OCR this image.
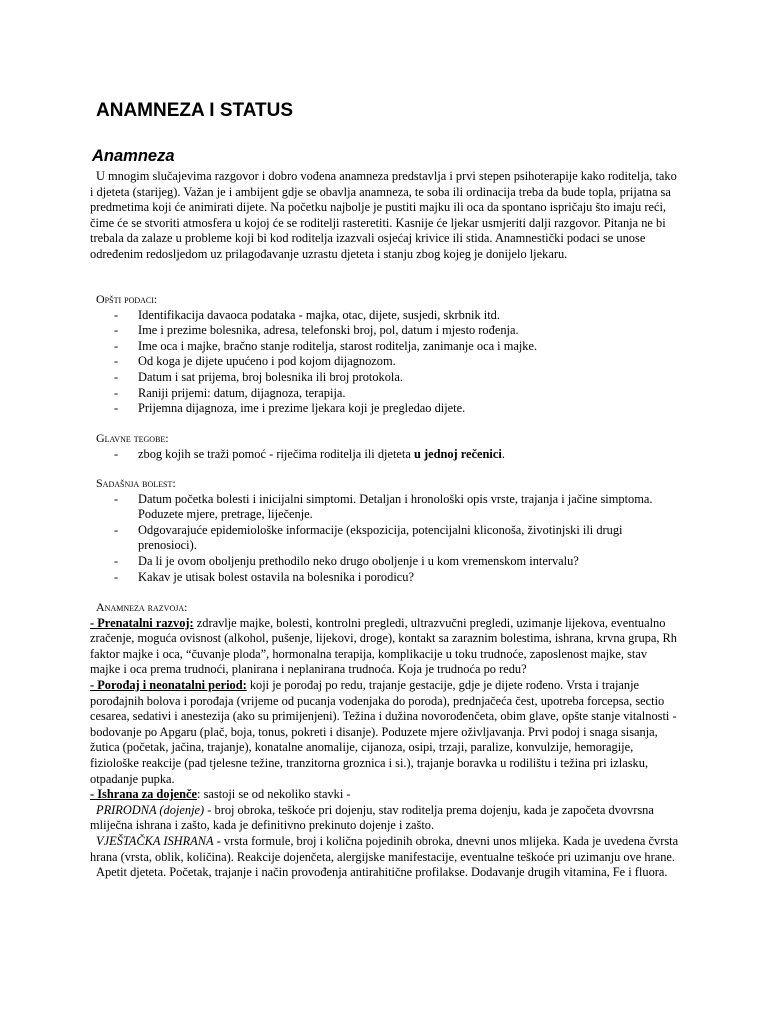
ANAMNEZA I STATUS
Anamneza

U mnogim slučajevima razgovor i dobro vođena anamneza predstavlja i prvi stepen psihoterapije kako roditelja, tako i djeteta (starijeg). Važan je i ambijent gdje se obavlja anamneza, te soba ili ordinacija treba da bude topla, prijatna sa predmetima koji će animirati dijete. Na početku najbolje je pustiti majku ili oca da spontano ispričaju što imaju reći, čime će se stvoriti atmosfera u kojoj će se roditelji rasteretiti. Kasnije će ljekar usmjeriti dalji razgovor. Pitanja ne bi trebala da zalaze u probleme koji bi kod roditelja izazvali osjećaj krivice ili stida. Anamnestički podaci se unose određenim redosljedom uz prilagođavanje uzrastu djeteta i stanju zbog kojeg je donijelo ljekaru.

Opšti podaci:

- Identifikacija davaoca podataka - majka, otac, dijete, susjedi, skrbnik itd.
- Ime i prezime bolesnika, adresa, telefonski broj, pol, datum i mjesto rođenja.
- Ime oca i majke, bračno stanje roditelja, starost roditelja, zanimanje oca i majke.
- Od koga je dijete upućeno i pod kojom dijagnozom.
- Datum i sat prijema, broj bolesnika ili broj protokola.
- Raniji prijemi: datum, dijagnoza, terapija.
- Prijemna dijagnoza, ime i prezime ljekara koji je pregledao dijete.

Glavne tegobe:

- zbog kojih se traži pomoć - riječima roditelja ili djeteta u jednoj rečenici.

Sadašnja bolest:

- Datum početka bolesti i inicijalni simptomi. Detaljan i hronološki opis vrste, trajanja i jačine simptoma. Poduzete mjere, pretrage, liječenje.
- Odgovarajuće epidemiološke informacije (ekspozicija, potencijalni kliconoša, životinjski ili drugi prenosioci).
- Da li je ovom oboljenju prethodilo neko drugo oboljenje i u kom vremenskom intervalu?
- Kakav je utisak bolest ostavila na bolesnika i porodicu?

Anamneza razvoja:

- Prenatalni razvoj: zdravlje majke, bolesti, kontrolni pregledi, ultrazvučni pregledi, uzimanje lijekova, eventualno zračenje, moguća ovisnost (alkohol, pušenje, lijekovi, droge), kontakt sa zaraznim bolestima, ishrana, krvna grupa, Rh faktor majke i oca, “čuvanje ploda”, hormonalna terapija, komplikacije u toku trudnoće, zaposlenost majke, stav majke i oca prema trudnoći, planirana i neplanirana trudnoća. Koja je trudnoća po redu?

- Porođaj i neonatalni period: koji je porođaj po redu, trajanje gestacije, gdje je dijete rođeno. Vrsta i trajanje porođajnih bolova i porođaja (vrijeme od pucanja vodenjaka do poroda), prednjačeća čest, upotreba forcepsa, sectio cesarea, sedativi i anestezija (ako su primijenjeni). Težina i dužina novorođenčeta, obim glave, opšte stanje vitalnosti - bodovanje po Apgaru (plač, boja, tonus, pokreti i disanje). Poduzete mjere oživljavanja. Prvi podoj i snaga sisanja, žutica (početak, jačina, trajanje), konatalne anomalije, cijanoza, osipi, trzaji, paralize, konvulzije, hemoragije, fiziološke reakcije (pad tjelesne težine, tranzitorna groznica i si.), trajanje boravka u rodilištu i težina pri izlasku, otpadanje pupka.

- Ishrana za dojenče: sastoji se od nekoliko stavki -

PRIRODNA (dojenje) - broj obroka, teškoće pri dojenju, stav roditelja prema dojenju, kada je započeta dvovrsna mliječna ishrana i zašto, kada je definitivno prekinuto dojenje i zašto.

VJEŠTAČKA ISHRANA - vrsta formule, broj i količna pojedinih obroka, dnevni unos mlijeka. Kada je uvedena čvrsta hrana (vrsta, oblik, količina). Reakcije dojenčeta, alergijske manifestacije, eventualne teškoće pri uzimanju ove hrane.

Apetit djeteta. Početak, trajanje i način provođenja antirahitične profilakse. Dodavanje drugih vitamina, Fe i fluora.
